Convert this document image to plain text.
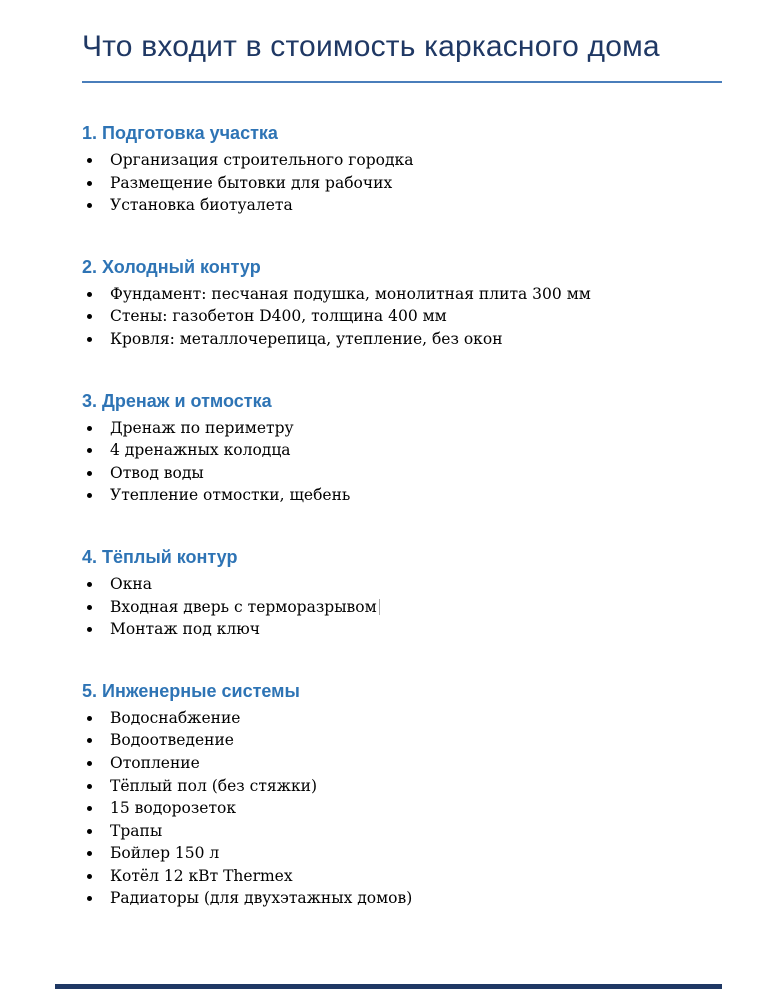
Что входит в стоимость каркасного дома
1. Подготовка участка
Организация строительного городка
Размещение бытовки для рабочих
Установка биотуалета
2. Холодный контур
Фундамент: песчаная подушка, монолитная плита 300 мм
Стены: газобетон D400, толщина 400 мм
Кровля: металлочерепица, утепление, без окон
3. Дренаж и отмостка
Дренаж по периметру
4 дренажных колодца
Отвод воды
Утепление отмостки, щебень
4. Тёплый контур
Окна
Входная дверь с терморазрывом
Монтаж под ключ
5. Инженерные системы
Водоснабжение
Водоотведение
Отопление
Тёплый пол (без стяжки)
15 водорозеток
Трапы
Бойлер 150 л
Котёл 12 кВт Thermex
Радиаторы (для двухэтажных домов)
